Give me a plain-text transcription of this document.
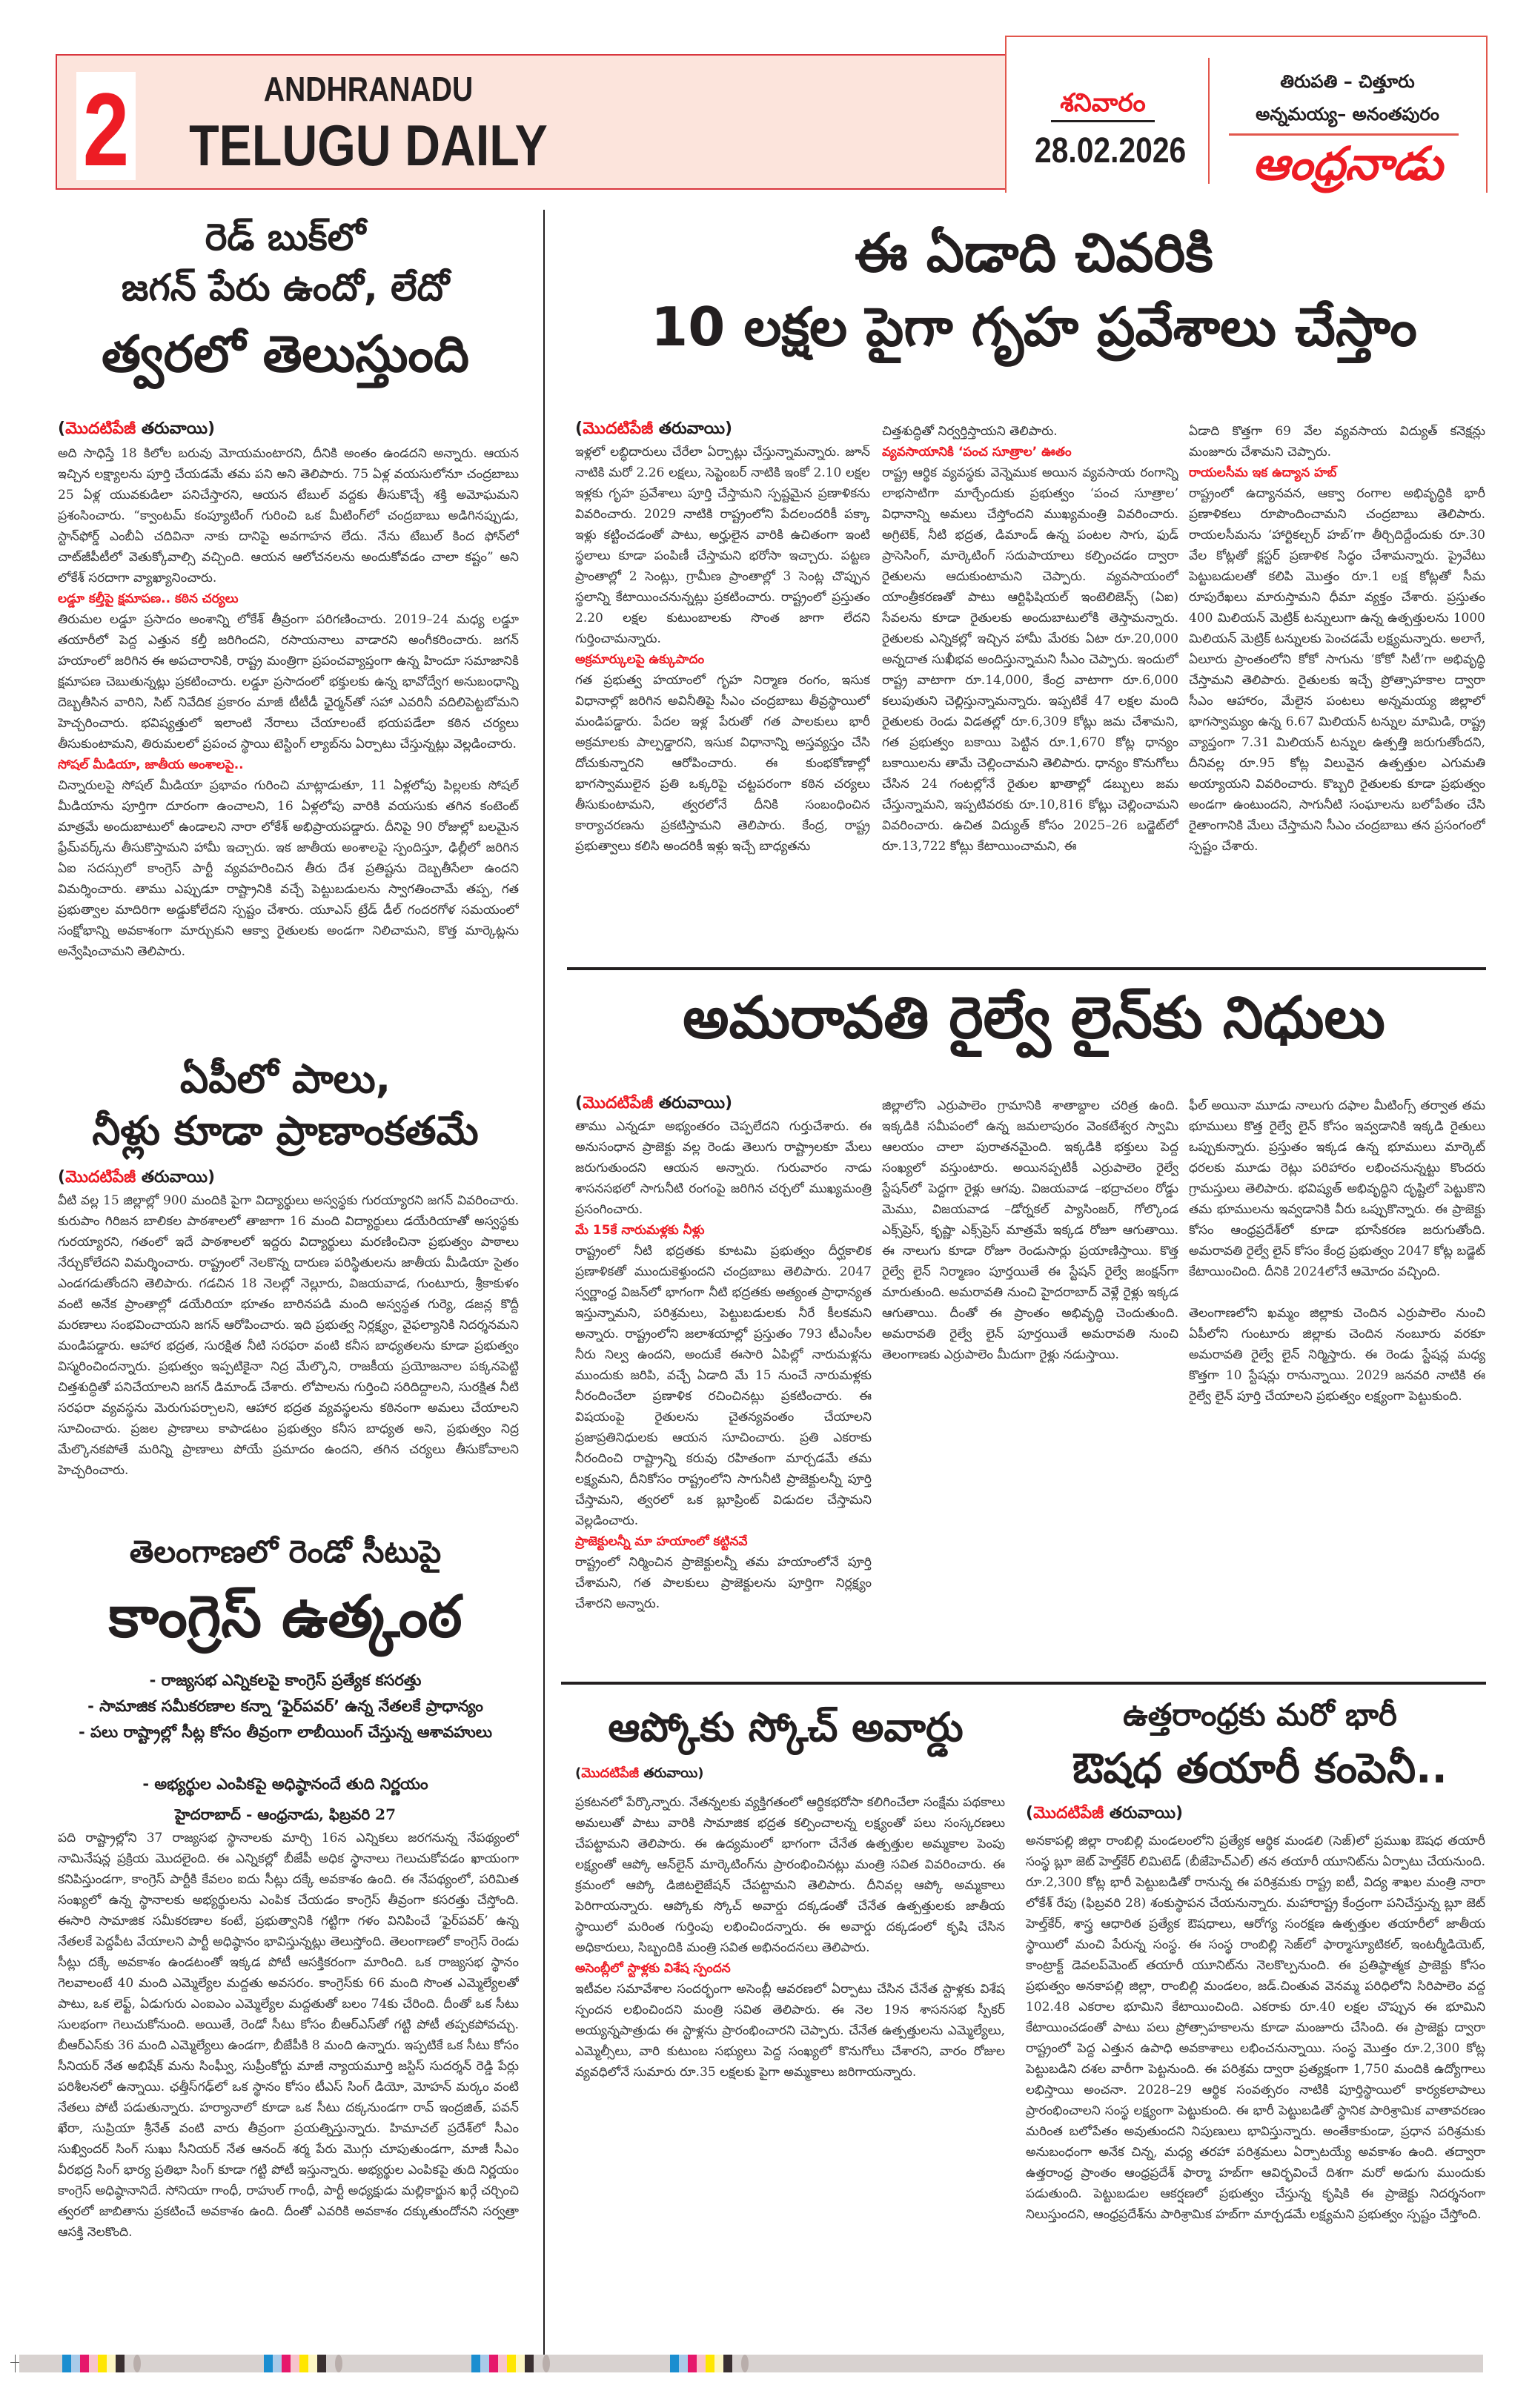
2	ANDHRANADU
TELUGU DAILY
శనివారం
28.02.2026
తిరుపతి – చిత్తూరు
అన్నమయ్య– అనంతపురం
ఆంధ్రనాడు
రెడ్ బుక్‌లో
జగన్ పేరు ఉందో, లేదో
త్వరలో తెలుస్తుంది
(మొదటిపేజీ తరువాయి)
అది సాధిస్తే 18 కిలోల బరువు మోయమంటారని, దీనికి అంతం ఉండదని అన్నారు. ఆయన ఇచ్చిన లక్ష్యాలను పూర్తి చేయడమే తమ పని అని తెలిపారు. 75 ఏళ్ల వయసులోనూ చంద్రబాబు 25 ఏళ్ల యువకుడిలా పనిచేస్తారని, ఆయన టేబుల్ వద్దకు తీసుకొచ్చే శక్తి అమోఘమని ప్రశంసించారు. “క్వాంటమ్ కంప్యూటింగ్ గురించి ఒక మీటింగ్‌లో చంద్రబాబు అడిగినప్పుడు, స్టాన్‌ఫోర్డ్ ఎంబీఏ చదివినా నాకు దానిపై అవగాహన లేదు. నేను టేబుల్ కింద ఫోన్‌లో చాట్‌జీపీటీలో వెతుక్కోవాల్సి వచ్చింది. ఆయన ఆలోచనలను అందుకోవడం చాలా కష్టం” అని లోకేశ్ సరదాగా వ్యాఖ్యానించారు.
లడ్డూ కల్తీపై క్షమాపణ.. కఠిన చర్యలు
తిరుమల లడ్డూ ప్రసాదం అంశాన్ని లోకేశ్ తీవ్రంగా పరిగణించారు. 2019–24 మధ్య లడ్డూ తయారీలో పెద్ద ఎత్తున కల్తీ జరిగిందని, రసాయనాలు వాడారని అంగీకరించారు. జగన్ హయాంలో జరిగిన ఈ అపచారానికి, రాష్ట్ర మంత్రిగా ప్రపంచవ్యాప్తంగా ఉన్న హిందూ సమాజానికి క్షమాపణ చెబుతున్నట్లు ప్రకటించారు. లడ్డూ ప్రసాదంలో భక్తులకు ఉన్న భావోద్వేగ అనుబంధాన్ని దెబ్బతీసిన వారిని, సిట్ నివేదిక ప్రకారం మాజీ టీటీడీ ఛైర్మన్‌తో సహా ఎవరినీ వదిలిపెట్టబోమని హెచ్చరించారు. భవిష్యత్తులో ఇలాంటి నేరాలు చేయాలంటే భయపడేలా కఠిన చర్యలు తీసుకుంటామని, తిరుమలలో ప్రపంచ స్థాయి టెస్టింగ్ ల్యాబ్‌ను ఏర్పాటు చేస్తున్నట్లు వెల్లడించారు.
సోషల్ మీడియా, జాతీయ అంశాలపై..
చిన్నారులపై సోషల్ మీడియా ప్రభావం గురించి మాట్లాడుతూ, 11 ఏళ్లలోపు పిల్లలకు సోషల్ మీడియాను పూర్తిగా దూరంగా ఉంచాలని, 16 ఏళ్లలోపు వారికి వయసుకు తగిన కంటెంట్ మాత్రమే అందుబాటులో ఉండాలని నారా లోకేశ్ అభిప్రాయపడ్డారు. దీనిపై 90 రోజుల్లో బలమైన ఫ్రేమ్‌వర్క్‌ను తీసుకొస్తామని హామీ ఇచ్చారు. ఇక జాతీయ అంశాలపై స్పందిస్తూ, ఢిల్లీలో జరిగిన ఏఐ సదస్సులో కాంగ్రెస్ పార్టీ వ్యవహరించిన తీరు దేశ ప్రతిష్టను దెబ్బతీసేలా ఉందని విమర్శించారు. తాము ఎప్పుడూ రాష్ట్రానికి వచ్చే పెట్టుబడులను స్వాగతించామే తప్ప, గత ప్రభుత్వాల మాదిరిగా అడ్డుకోలేదని స్పష్టం చేశారు. యూఎస్ ట్రేడ్ డీల్ గందరగోళ సమయంలో సంక్షోభాన్ని అవకాశంగా మార్చుకుని ఆక్వా రైతులకు అండగా నిలిచామని, కొత్త మార్కెట్లను అన్వేషించామని తెలిపారు.
ఏపీలో పాలు,
నీళ్లు కూడా ప్రాణాంకతమే
(మొదటిపేజీ తరువాయి)
వీటి వల్ల 15 జిల్లాల్లో 900 మందికి పైగా విద్యార్థులు అస్వస్థకు గురయ్యారని జగన్ వివరించారు. కురుపాం గిరిజన బాలికల పాఠశాలలో తాజాగా 16 మంది విద్యార్థులు డయేరియాతో అస్వస్థకు గురయ్యారని, గతంలో ఇదే పాఠశాలలో ఇద్దరు విద్యార్థులు మరణించినా ప్రభుత్వం పాఠాలు నేర్చుకోలేదని విమర్శించారు. రాష్ట్రంలో నెలకొన్న దారుణ పరిస్థితులను జాతీయ మీడియా సైతం ఎండగడుతోందని తెలిపారు. గడచిన 18 నెలల్లో నెల్లూరు, విజయవాడ, గుంటూరు, శ్రీకాకుళం వంటి అనేక ప్రాంతాల్లో డయేరియా భూతం బారినపడి మంది అస్వస్థత గుర్యె, డజన్ల కొద్దీ మరణాలు సంభవించాయని జగన్ ఆరోపించారు. ఇది ప్రభుత్వ నిర్లక్ష్యం, వైఫల్యానికి నిదర్శనమని మండిపడ్డారు. ఆహార భద్రత, సురక్షిత నీటి సరఫరా వంటి కనీస బాధ్యతలను కూడా ప్రభుత్వం విస్మరించిందన్నారు. ప్రభుత్వం ఇప్పటికైనా నిద్ర మేల్కొని, రాజకీయ ప్రయోజనాల పక్కనపెట్టి చిత్తశుద్ధితో పనిచేయాలని జగన్ డిమాండ్ చేశారు. లోపాలను గుర్తించి సరిదిద్దాలని, సురక్షిత నీటి సరఫరా వ్యవస్థను మెరుగుపర్చాలని, ఆహార భద్రత వ్యవస్థలను కఠినంగా అమలు చేయాలని సూచించారు. ప్రజల ప్రాణాలు కాపాడటం ప్రభుత్వం కనీస బాధ్యత అని, ప్రభుత్వం నిద్ర మేల్కొనకపోతే మరిన్ని ప్రాణాలు పోయే ప్రమాదం ఉందని, తగిన చర్యలు తీసుకోవాలని హెచ్చరించారు.
తెలంగాణలో రెండో సీటుపై
కాంగ్రెస్ ఉత్కంఠ
- రాజ్యసభ ఎన్నికలపై కాంగ్రెస్ ప్రత్యేక కసరత్తు
- సామాజిక సమీకరణాల కన్నా ‘ఫైర్‌పవర్’ ఉన్న నేతలకే ప్రాధాన్యం
- పలు రాష్ట్రాల్లో సీట్ల కోసం తీవ్రంగా లాబీయింగ్ చేస్తున్న ఆశావహులు
- అభ్యర్థుల ఎంపికపై అధిష్ఠానందే తుది నిర్ణయం
హైదరాబాద్ - ఆంధ్రనాడు, ఫిబ్రవరి 27
పది రాష్ట్రాల్లోని 37 రాజ్యసభ స్థానాలకు మార్చి 16న ఎన్నికలు జరగనున్న నేపథ్యంలో నామినేషన్ల ప్రక్రియ మొదలైంది. ఈ ఎన్నికల్లో బీజేపీ అధిక స్థానాలు గెలుచుకోవడం ఖాయంగా కనిపిస్తుండగా, కాంగ్రెస్ పార్టీకి కేవలం ఐదు సీట్లు దక్కే అవకాశం ఉంది. ఈ నేపథ్యంలో, పరిమిత సంఖ్యలో ఉన్న స్థానాలకు అభ్యర్థులను ఎంపిక చేయడం కాంగ్రెస్ తీవ్రంగా కసరత్తు చేస్తోంది. ఈసారి సామాజిక సమీకరణాల కంటే, ప్రభుత్వానికి గట్టిగా గళం వినిపించే ‘ఫైర్‌పవర్’ ఉన్న నేతలకే పెద్దపీట వేయాలని పార్టీ అధిష్ఠానం భావిస్తున్నట్లు తెలుస్తోంది. తెలంగాణలో కాంగ్రెస్ రెండు సీట్లు దక్కే అవకాశం ఉండటంతో ఇక్కడ పోటీ ఆసక్తికరంగా మారింది. ఒక రాజ్యసభ స్థానం గెలవాలంటే 40 మంది ఎమ్మెల్యేల మద్దతు అవసరం. కాంగ్రెస్‌కు 66 మంది సొంత ఎమ్మెల్యేలతో పాటు, ఒక లెఫ్ట్, ఏడుగురు ఎంఐఎం ఎమ్మెల్యేల మద్దతుతో బలం 74కు చేరింది. దీంతో ఒక సీటు సులభంగా గెలుచుకోనుంది. అయితే, రెండో సీటు కోసం బీఆర్ఎస్‌తో గట్టి పోటీ తప్పకపోవచ్చు. బీఆర్ఎస్‌కు 36 మంది ఎమ్మెల్యేలు ఉండగా, బీజేపీకి 8 మంది ఉన్నారు. ఇప్పటికే ఒక సీటు కోసం సీనియర్ నేత అభిషేక్ మను సింఘ్వీ, సుప్రీంకోర్టు మాజీ న్యాయమూర్తి జస్టిస్ సుదర్శన్ రెడ్డి పేర్లు పరిశీలనలో ఉన్నాయి. ఛత్తీస్‌గఢ్‌లో ఒక స్థానం కోసం టీఎస్ సింగ్ డియో, మోహన్ మర్కం వంటి నేతలు పోటీ పడుతున్నారు. హర్యానాలో కూడా ఒక సీటు దక్కనుండగా రావ్ ఇంద్రజిత్, పవన్ ఖేరా, సుప్రియా శ్రీనేత్ వంటి వారు తీవ్రంగా ప్రయత్నిస్తున్నారు. హిమాచల్ ప్రదేశ్‌లో సీఎం సుఖ్విందర్ సింగ్ సుఖు సీనియర్ నేత ఆనంద్ శర్మ పేరు మొగ్గు చూపుతుండగా, మాజీ సీఎం వీరభద్ర సింగ్ భార్య ప్రతిభా సింగ్ కూడా గట్టి పోటీ ఇస్తున్నారు. అభ్యర్థుల ఎంపికపై తుది నిర్ణయం కాంగ్రెస్ అధిష్ఠానానిదే. సోనియా గాంధీ, రాహుల్ గాంధీ, పార్టీ అధ్యక్షుడు మల్లికార్జున ఖర్గే చర్చించి త్వరలో జాబితాను ప్రకటించే అవకాశం ఉంది. దీంతో ఎవరికి అవకాశం దక్కుతుందోనని సర్వత్రా ఆసక్తి నెలకొంది.
ఈ ఏడాది చివరికి
10 లక్షల పైగా గృహ ప్రవేశాలు చేస్తాం
(మొదటిపేజీ తరువాయి)
ఇళ్లలో లబ్ధిదారులు చేరేలా ఏర్పాట్లు చేస్తున్నామన్నారు. జూన్ నాటికి మరో 2.26 లక్షలు, సెప్టెంబర్ నాటికి ఇంకో 2.10 లక్షల ఇళ్లకు గృహ ప్రవేశాలు పూర్తి చేస్తామని స్పష్టమైన ప్రణాళికను వివరించారు. 2029 నాటికి రాష్ట్రంలోని పేదలందరికీ పక్కా ఇళ్లు కట్టించడంతో పాటు, అర్హులైన వారికి ఉచితంగా ఇంటి స్థలాలు కూడా పంపిణీ చేస్తామని భరోసా ఇచ్చారు. పట్టణ ప్రాంతాల్లో 2 సెంట్లు, గ్రామీణ ప్రాంతాల్లో 3 సెంట్ల చొప్పున స్థలాన్ని కేటాయించనున్నట్లు ప్రకటించారు. రాష్ట్రంలో ప్రస్తుతం 2.20 లక్షల కుటుంబాలకు సొంత జాగా లేదని గుర్తించామన్నారు.
అక్రమార్కులపై ఉక్కుపాదం
గత ప్రభుత్వ హయాంలో గృహ నిర్మాణ రంగం, ఇసుక విధానాల్లో జరిగిన అవినీతిపై సీఎం చంద్రబాబు తీవ్రస్థాయిలో మండిపడ్డారు. పేదల ఇళ్ల పేరుతో గత పాలకులు భారీ అక్రమాలకు పాల్పడ్డారని, ఇసుక విధానాన్ని అస్తవ్యస్తం చేసి దోచుకున్నారని ఆరోపించారు. ఈ కుంభకోణాల్లో భాగస్వాములైన ప్రతి ఒక్కరిపై చట్టపరంగా కఠిన చర్యలు తీసుకుంటామని, త్వరలోనే దీనికి సంబంధించిన కార్యాచరణను ప్రకటిస్తామని తెలిపారు. కేంద్ర, రాష్ట్ర ప్రభుత్వాలు కలిసి అందరికీ ఇళ్లు ఇచ్చే బాధ్యతను
చిత్తశుద్ధితో నిర్వర్తిస్తాయని తెలిపారు.
వ్యవసాయానికి ‘పంచ సూత్రాల’ ఊతం
రాష్ట్ర ఆర్థిక వ్యవస్థకు వెన్నెముక అయిన వ్యవసాయ రంగాన్ని లాభసాటిగా మార్చేందుకు ప్రభుత్వం ‘పంచ సూత్రాల’ విధానాన్ని అమలు చేస్తోందని ముఖ్యమంత్రి వివరించారు. అగ్రిటెక్, నీటి భద్రత, డిమాండ్ ఉన్న పంటల సాగు, ఫుడ్ ప్రాసెసింగ్, మార్కెటింగ్ సదుపాయాలు కల్పించడం ద్వారా రైతులను ఆదుకుంటామని చెప్పారు. వ్యవసాయంలో యాంత్రీకరణతో పాటు ఆర్టిఫిషియల్ ఇంటెలిజెన్స్ (ఏఐ) సేవలను కూడా రైతులకు అందుబాటులోకి తెస్తామన్నారు. రైతులకు ఎన్నికల్లో ఇచ్చిన హామీ మేరకు ఏటా రూ.20,000 అన్నదాత సుఖీభవ అందిస్తున్నామని సీఎం చెప్పారు. ఇందులో రాష్ట్ర వాటాగా రూ.14,000, కేంద్ర వాటాగా రూ.6,000 కలుపుతుని చెల్లిస్తున్నామన్నారు. ఇప్పటికే 47 లక్షల మంది రైతులకు రెండు విడతల్లో రూ.6,309 కోట్లు జమ చేశామని, గత ప్రభుత్వం బకాయి పెట్టిన రూ.1,670 కోట్ల ధాన్యం బకాయిలను తామే చెల్లించామని తెలిపారు. ధాన్యం కొనుగోలు చేసిన 24 గంటల్లోనే రైతుల ఖాతాల్లో డబ్బులు జమ చేస్తున్నామని, ఇప్పటివరకు రూ.10,816 కోట్లు చెల్లించామని వివరించారు. ఉచిత విద్యుత్ కోసం 2025–26 బడ్జెట్‌లో రూ.13,722 కోట్లు కేటాయించామని, ఈ
ఏడాది కొత్తగా 69 వేల వ్యవసాయ విద్యుత్ కనెక్షన్లు మంజూరు చేశామని చెప్పారు.
రాయలసీమ ఇక ఉద్యాన హబ్
రాష్ట్రంలో ఉద్యానవన, ఆక్వా రంగాల అభివృద్ధికి భారీ ప్రణాళికలు రూపొందించామని చంద్రబాబు తెలిపారు. రాయలసీమను ‘హార్టికల్చర్ హబ్’గా తీర్చిదిద్దేందుకు రూ.30 వేల కోట్లతో క్లస్టర్ ప్రణాళిక సిద్ధం చేశామన్నారు. ప్రైవేటు పెట్టుబడులతో కలిపి మొత్తం రూ.1 లక్ష కోట్లతో సీమ రూపురేఖలు మారుస్తామని ధీమా వ్యక్తం చేశారు. ప్రస్తుతం 400 మిలియన్ మెట్రిక్ టన్నులుగా ఉన్న ఉత్పత్తులను 1000 మిలియన్ మెట్రిక్ టన్నులకు పెంచడమే లక్ష్యమన్నారు. అలాగే, ఏలూరు ప్రాంతంలోని కోకో సాగును ‘కోకో సిటీ’గా అభివృద్ధి చేస్తామని తెలిపారు. రైతులకు ఇచ్చే ప్రోత్సాహకాల ద్వారా సీఎం ఆహారం, మేలైన పంటలు అన్నమయ్య జిల్లాలో భాగస్వామ్యం ఉన్న 6.67 మిలియన్ టన్నుల మామిడి, రాష్ట్ర వ్యాప్తంగా 7.31 మిలియన్ టన్నుల ఉత్పత్తి జరుగుతోందని, దీనివల్ల రూ.95 కోట్ల విలువైన ఉత్పత్తుల ఎగుమతి అయ్యాయని వివరించారు. కొబ్బరి రైతులకు కూడా ప్రభుత్వం అండగా ఉంటుందని, సాగునీటి సంఘాలను బలోపేతం చేసి రైతాంగానికి మేలు చేస్తామని సీఎం చంద్రబాబు తన ప్రసంగంలో స్పష్టం చేశారు.
అమరావతి రైల్వే లైన్‌కు నిధులు
(మొదటిపేజీ తరువాయి)
తాము ఎన్నడూ అభ్యంతరం చెప్పలేదని గుర్తుచేశారు. ఈ అనుసంధాన ప్రాజెక్టు వల్ల రెండు తెలుగు రాష్ట్రాలకూ మేలు జరుగుతుందని ఆయన అన్నారు. గురువారం నాడు శాసనసభలో సాగునీటి రంగంపై జరిగిన చర్చలో ముఖ్యమంత్రి ప్రసంగించారు.
మే 15కే నారుమళ్లకు నీళ్లు
రాష్ట్రంలో నీటి భద్రతకు కూటమి ప్రభుత్వం దీర్ఘకాలిక ప్రణాళికతో ముందుకెళ్తుందని చంద్రబాబు తెలిపారు. 2047 స్వర్ణాంధ్ర విజన్‌లో భాగంగా నీటి భద్రతకు అత్యంత ప్రాధాన్యత ఇస్తున్నామని, పరిశ్రమలు, పెట్టుబడులకు నీరే కీలకమని అన్నారు. రాష్ట్రంలోని జలాశయాల్లో ప్రస్తుతం 793 టీఎంసీల నీరు నిల్వ ఉందని, అందుకే ఈసారి ఏపిల్లో నారుమళ్లను ముందుకు జరిపి, వచ్చే ఏడాది మే 15 నుంచే నారుమళ్లకు నీరందించేలా ప్రణాళిక రచించినట్లు ప్రకటించారు. ఈ విషయంపై రైతులను చైతన్యవంతం చేయాలని ప్రజాప్రతినిధులకు ఆయన సూచించారు. ప్రతి ఎకరాకు నీరందించి రాష్ట్రాన్ని కరువు రహితంగా మార్చడమే తమ లక్ష్యమని, దీనికోసం రాష్ట్రంలోని సాగునీటి ప్రాజెక్టులన్నీ పూర్తి చేస్తామని, త్వరలో ఒక బ్లూప్రింట్ విడుదల చేస్తామని వెల్లడించారు.
ప్రాజెక్టులన్నీ మా హయాంలో కట్టినవే
రాష్ట్రంలో నిర్మించిన ప్రాజెక్టులన్నీ తమ హయాంలోనే పూర్తి చేశామని, గత పాలకులు ప్రాజెక్టులను పూర్తిగా నిర్లక్ష్యం చేశారని అన్నారు.
జిల్లాలోని ఎర్రుపాలెం గ్రామానికి శాతాబ్దాల చరిత్ర ఉంది. ఇక్కడికి సమీపంలో ఉన్న జమలాపురం వెంకటేశ్వర స్వామి ఆలయం చాలా పురాతనమైంది. ఇక్కడికి భక్తులు పెద్ద సంఖ్యలో వస్తుంటారు. అయినప్పటికీ ఎర్రుపాలెం రైల్వే స్టేషన్‌లో పెద్దగా రైళ్లు ఆగవు. విజయవాడ –భద్రాచలం రోడ్డు మెము, విజయవాడ –డోర్నకల్ ప్యాసింజర్, గోల్కొండ ఎక్స్‌ప్రెస్, కృష్ణా ఎక్స్‌ప్రెస్ మాత్రమే ఇక్కడ రోజూ ఆగుతాయి. ఈ నాలుగు కూడా రోజూ రెండుసార్లు ప్రయాణిస్తాయి. కొత్త రైల్వే లైన్ నిర్మాణం పూర్తయితే ఈ స్టేషన్ రైల్వే జంక్షన్‌గా మారుతుంది. అమరావతి నుంచి హైదరాబాద్ వెళ్లే రైళ్లు ఇక్కడ ఆగుతాయి. దీంతో ఈ ప్రాంతం అభివృద్ధి చెందుతుంది. అమరావతి రైల్వే లైన్ పూర్తయితే అమరావతి నుంచి తెలంగాణకు ఎర్రుపాలెం మీదుగా రైళ్లు నడుస్తాయి.
ఫీల్ అయినా మూడు నాలుగు దఫాల మీటింగ్స్ తర్వాత తమ భూములు కొత్త రైల్వే లైన్ కోసం ఇవ్వడానికి ఇక్కడి రైతులు ఒప్పుకున్నారు. ప్రస్తుతం ఇక్కడ ఉన్న భూములు మార్కెట్ ధరలకు మూడు రెట్లు పరిహారం లభించనున్నట్టు కొందరు గ్రామస్తులు తెలిపారు. భవిష్యత్ అభివృద్ధిని దృష్టిలో పెట్టుకొని తమ భూములను ఇవ్వడానికి వీరు ఒప్పుకొన్నారు. ఈ ప్రాజెక్టు కోసం ఆంధ్రప్రదేశ్‌లో కూడా భూసేకరణ జరుగుతోంది. అమరావతి రైల్వే లైన్ కోసం కేంద్ర ప్రభుత్వం 2047 కోట్ల బడ్జెట్ కేటాయించింది. దీనికి 2024లోనే ఆమోదం వచ్చింది.

తెలంగాణలోని ఖమ్మం జిల్లాకు చెందిన ఎర్రుపాలెం నుంచి ఏపీలోని గుంటూరు జిల్లాకు చెందిన నంబూరు వరకూ అమరావతి రైల్వే లైన్ నిర్మిస్తారు. ఈ రెండు స్టేషన్ల మధ్య కొత్తగా 10 స్టేషన్లు రానున్నాయి. 2029 జనవరి నాటికి ఈ రైల్వే లైన్ పూర్తి చేయాలని ప్రభుత్వం లక్ష్యంగా పెట్టుకుంది.
ఆప్కోకు స్కోచ్ అవార్డు
(మొదటిపేజీ తరువాయి)
ప్రకటనలో పేర్కొన్నారు. నేతన్నలకు వ్యక్తిగతంలో ఆర్థికభరోసా కలిగించేలా సంక్షేమ పథకాలు అమలుతో పాటు వారికి సామాజిక భద్రత కల్పించాలన్న లక్ష్యంతో పలు సంస్కరణలు చేపట్టామని తెలిపారు. ఈ ఉద్యమంలో భాగంగా చేనేత ఉత్పత్తుల అమ్మకాల పెంపు లక్ష్యంతో ఆప్కో ఆన్‌లైన్ మార్కెటింగ్‌ను ప్రారంభించినట్లు మంత్రి సవిత వివరించారు. ఈ క్రమంలో ఆప్కో డిజిటలైజేషన్ చేపట్టామని తెలిపారు. దీనివల్ల ఆప్కో అమ్మకాలు పెరిగాయన్నారు. ఆప్కోకు స్కోచ్ అవార్డు దక్కడంతో చేనేత ఉత్పత్తులకు జాతీయ స్థాయిలో మరింత గుర్తింపు లభించిందన్నారు. ఈ అవార్డు దక్కడంలో కృషి చేసిన అధికారులు, సిబ్బందికి మంత్రి సవిత అభినందనలు తెలిపారు.
అసెంబ్లీలో స్టాళ్లకు విశేష స్పందన
ఇటీవల సమావేశాల సందర్భంగా అసెంబ్లీ ఆవరణలో ఏర్పాటు చేసిన చేనేత స్టాళ్లకు విశేష స్పందన లభించిందని మంత్రి సవిత తెలిపారు. ఈ నెల 19న శాసనసభ స్పీకర్ అయ్యన్నపాత్రుడు ఈ స్టాళ్లను ప్రారంభించారని చెప్పారు. చేనేత ఉత్పత్తులను ఎమ్మెల్యేలు, ఎమ్మెల్సీలు, వారి కుటుంబ సభ్యులు పెద్ద సంఖ్యలో కొనుగోలు చేశారని, వారం రోజుల వ్యవధిలోనే సుమారు రూ.35 లక్షలకు పైగా అమ్మకాలు జరిగాయన్నారు.
ఉత్తరాంధ్రకు మరో భారీ
ఔషధ తయారీ కంపెనీ..
(మొదటిపేజీ తరువాయి)
అనకాపల్లి జిల్లా రాంబిల్లి మండలంలోని ప్రత్యేక ఆర్థిక మండలి (సెజ్)లో ప్రముఖ ఔషధ తయారీ సంస్థ బ్లూ జెట్ హెల్త్‌కేర్ లిమిటెడ్ (బీజేహెచ్‌ఎల్) తన తయారీ యూనిట్‌ను ఏర్పాటు చేయనుంది. రూ.2,300 కోట్ల భారీ పెట్టుబడితో రానున్న ఈ పరిశ్రమకు రాష్ట్ర ఐటీ, విద్య శాఖల మంత్రి నారా లోకేశ్ రేపు (ఫిబ్రవరి 28) శంకుస్థాపన చేయనున్నారు. మహారాష్ట్ర కేంద్రంగా పనిచేస్తున్న బ్లూ జెట్ హెల్త్‌కేర్, శాస్త్ర ఆధారిత ప్రత్యేక ఔషధాలు, ఆరోగ్య సంరక్షణ ఉత్పత్తుల తయారీలో జాతీయ స్థాయిలో మంచి పేరున్న సంస్థ. ఈ సంస్థ రాంబిల్లి సెజ్‌లో ఫార్మాస్యూటికల్, ఇంటర్మీడియెట్, కాంట్రాక్ట్ డెవలప్‌మెంట్ తయారీ యూనిట్‌ను నెలకొల్పనుంది. ఈ ప్రతిష్ఠాత్మక ప్రాజెక్టు కోసం ప్రభుత్వం అనకాపల్లి జిల్లా, రాంబిల్లి మండలం, జడ్.చింతువ వెనమ్మ పరిధిలోని సిరిపాలెం వద్ద 102.48 ఎకరాల భూమిని కేటాయించింది. ఎకరాకు రూ.40 లక్షల చొప్పున ఈ భూమిని కేటాయించడంతో పాటు పలు ప్రోత్సాహకాలను కూడా మంజూరు చేసింది. ఈ ప్రాజెక్టు ద్వారా రాష్ట్రంలో పెద్ద ఎత్తున ఉపాధి అవకాశాలు లభించనున్నాయి. సంస్థ మొత్తం రూ.2,300 కోట్ల పెట్టుబడిని దశల వారీగా పెట్టనుంది. ఈ పరిశ్రమ ద్వారా ప్రత్యక్షంగా 1,750 మందికి ఉద్యోగాలు లభిస్తాయి అంచనా. 2028–29 ఆర్థిక సంవత్సరం నాటికి పూర్తిస్థాయిలో కార్యకలాపాలు ప్రారంభించాలని సంస్థ లక్ష్యంగా పెట్టుకుంది. ఈ భారీ పెట్టుబడితో స్థానిక పారిశ్రామిక వాతావరణం మరింత బలోపేతం అవుతుందని నిపుణులు భావిస్తున్నారు. అంతేకాకుండా, ప్రధాన పరిశ్రమకు అనుబంధంగా అనేక చిన్న, మధ్య తరహా పరిశ్రమలు ఏర్పాటయ్యే అవకాశం ఉంది. తద్వారా ఉత్తరాంధ్ర ప్రాంతం ఆంధ్రప్రదేశ్ ఫార్మా హబ్‌గా ఆవిర్భవించే దిశగా మరో అడుగు ముందుకు పడుతుంది. పెట్టుబడుల ఆకర్షణలో ప్రభుత్వం చేస్తున్న కృషికి ఈ ప్రాజెక్టు నిదర్శనంగా నిలుస్తుందని, ఆంధ్రప్రదేశ్‌ను పారిశ్రామిక హబ్‌గా మార్చడమే లక్ష్యమని ప్రభుత్వం స్పష్టం చేస్తోంది.
